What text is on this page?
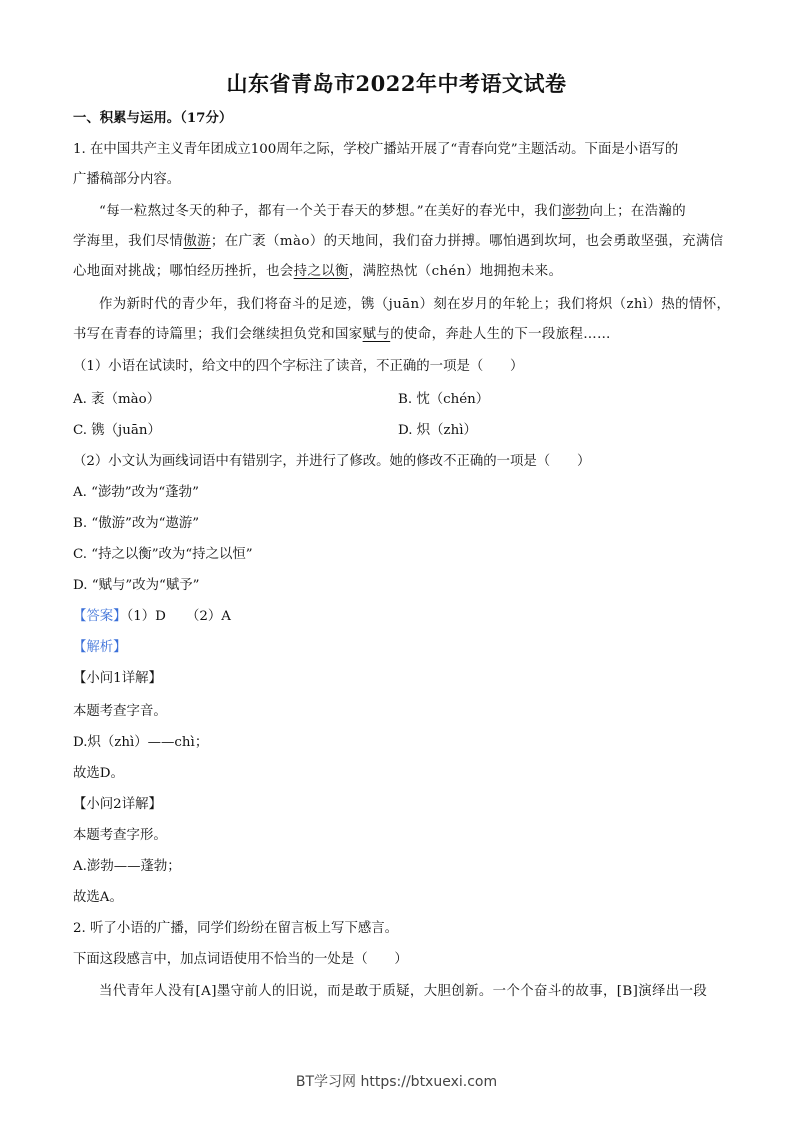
山东省青岛市2022年中考语文试卷
一、积累与运用。（17分）
1. 在中国共产主义青年团成立100周年之际，学校广播站开展了“青春向党”主题活动。下面是小语写的
广播稿部分内容。
“每一粒熬过冬天的种子，都有一个关于春天的梦想。”在美好的春光中，我们澎勃向上；在浩瀚的
学海里，我们尽情傲游；在广袤（mào）的天地间，我们奋力拼搏。哪怕遇到坎坷，也会勇敢坚强，充满信
心地面对挑战；哪怕经历挫折，也会持之以衡，满腔热忱（chén）地拥抱未来。
作为新时代的青少年，我们将奋斗的足迹，镌（juān）刻在岁月的年轮上；我们将炽（zhì）热的情怀，
书写在青春的诗篇里；我们会继续担负党和国家赋与的使命，奔赴人生的下一段旅程……
（1）小语在试读时，给文中的四个字标注了读音，不正确的一项是（　　）
A. 袤（mào）	B. 忱（chén）
C. 镌（juān）	D. 炽（zhì）
（2）小文认为画线词语中有错别字，并进行了修改。她的修改不正确的一项是（　　）
A. “澎勃”改为“蓬勃”
B. “傲游”改为“遨游”
C. “持之以衡”改为“持之以恒”
D. “赋与”改为“赋予”
【答案】（1）D　　（2）A
【解析】
【小问1详解】
本题考查字音。
D.炽（zhì）——chì；
故选D。
【小问2详解】
本题考查字形。
A.澎勃——蓬勃；
故选A。
2. 听了小语的广播，同学们纷纷在留言板上写下感言。
下面这段感言中，加点词语使用不恰当的一处是（　　）
当代青年人没有[A]墨守前人的旧说，而是敢于质疑，大胆创新。一个个奋斗的故事，[B]演绎出一段
BT学习网 https://btxuexi.com
